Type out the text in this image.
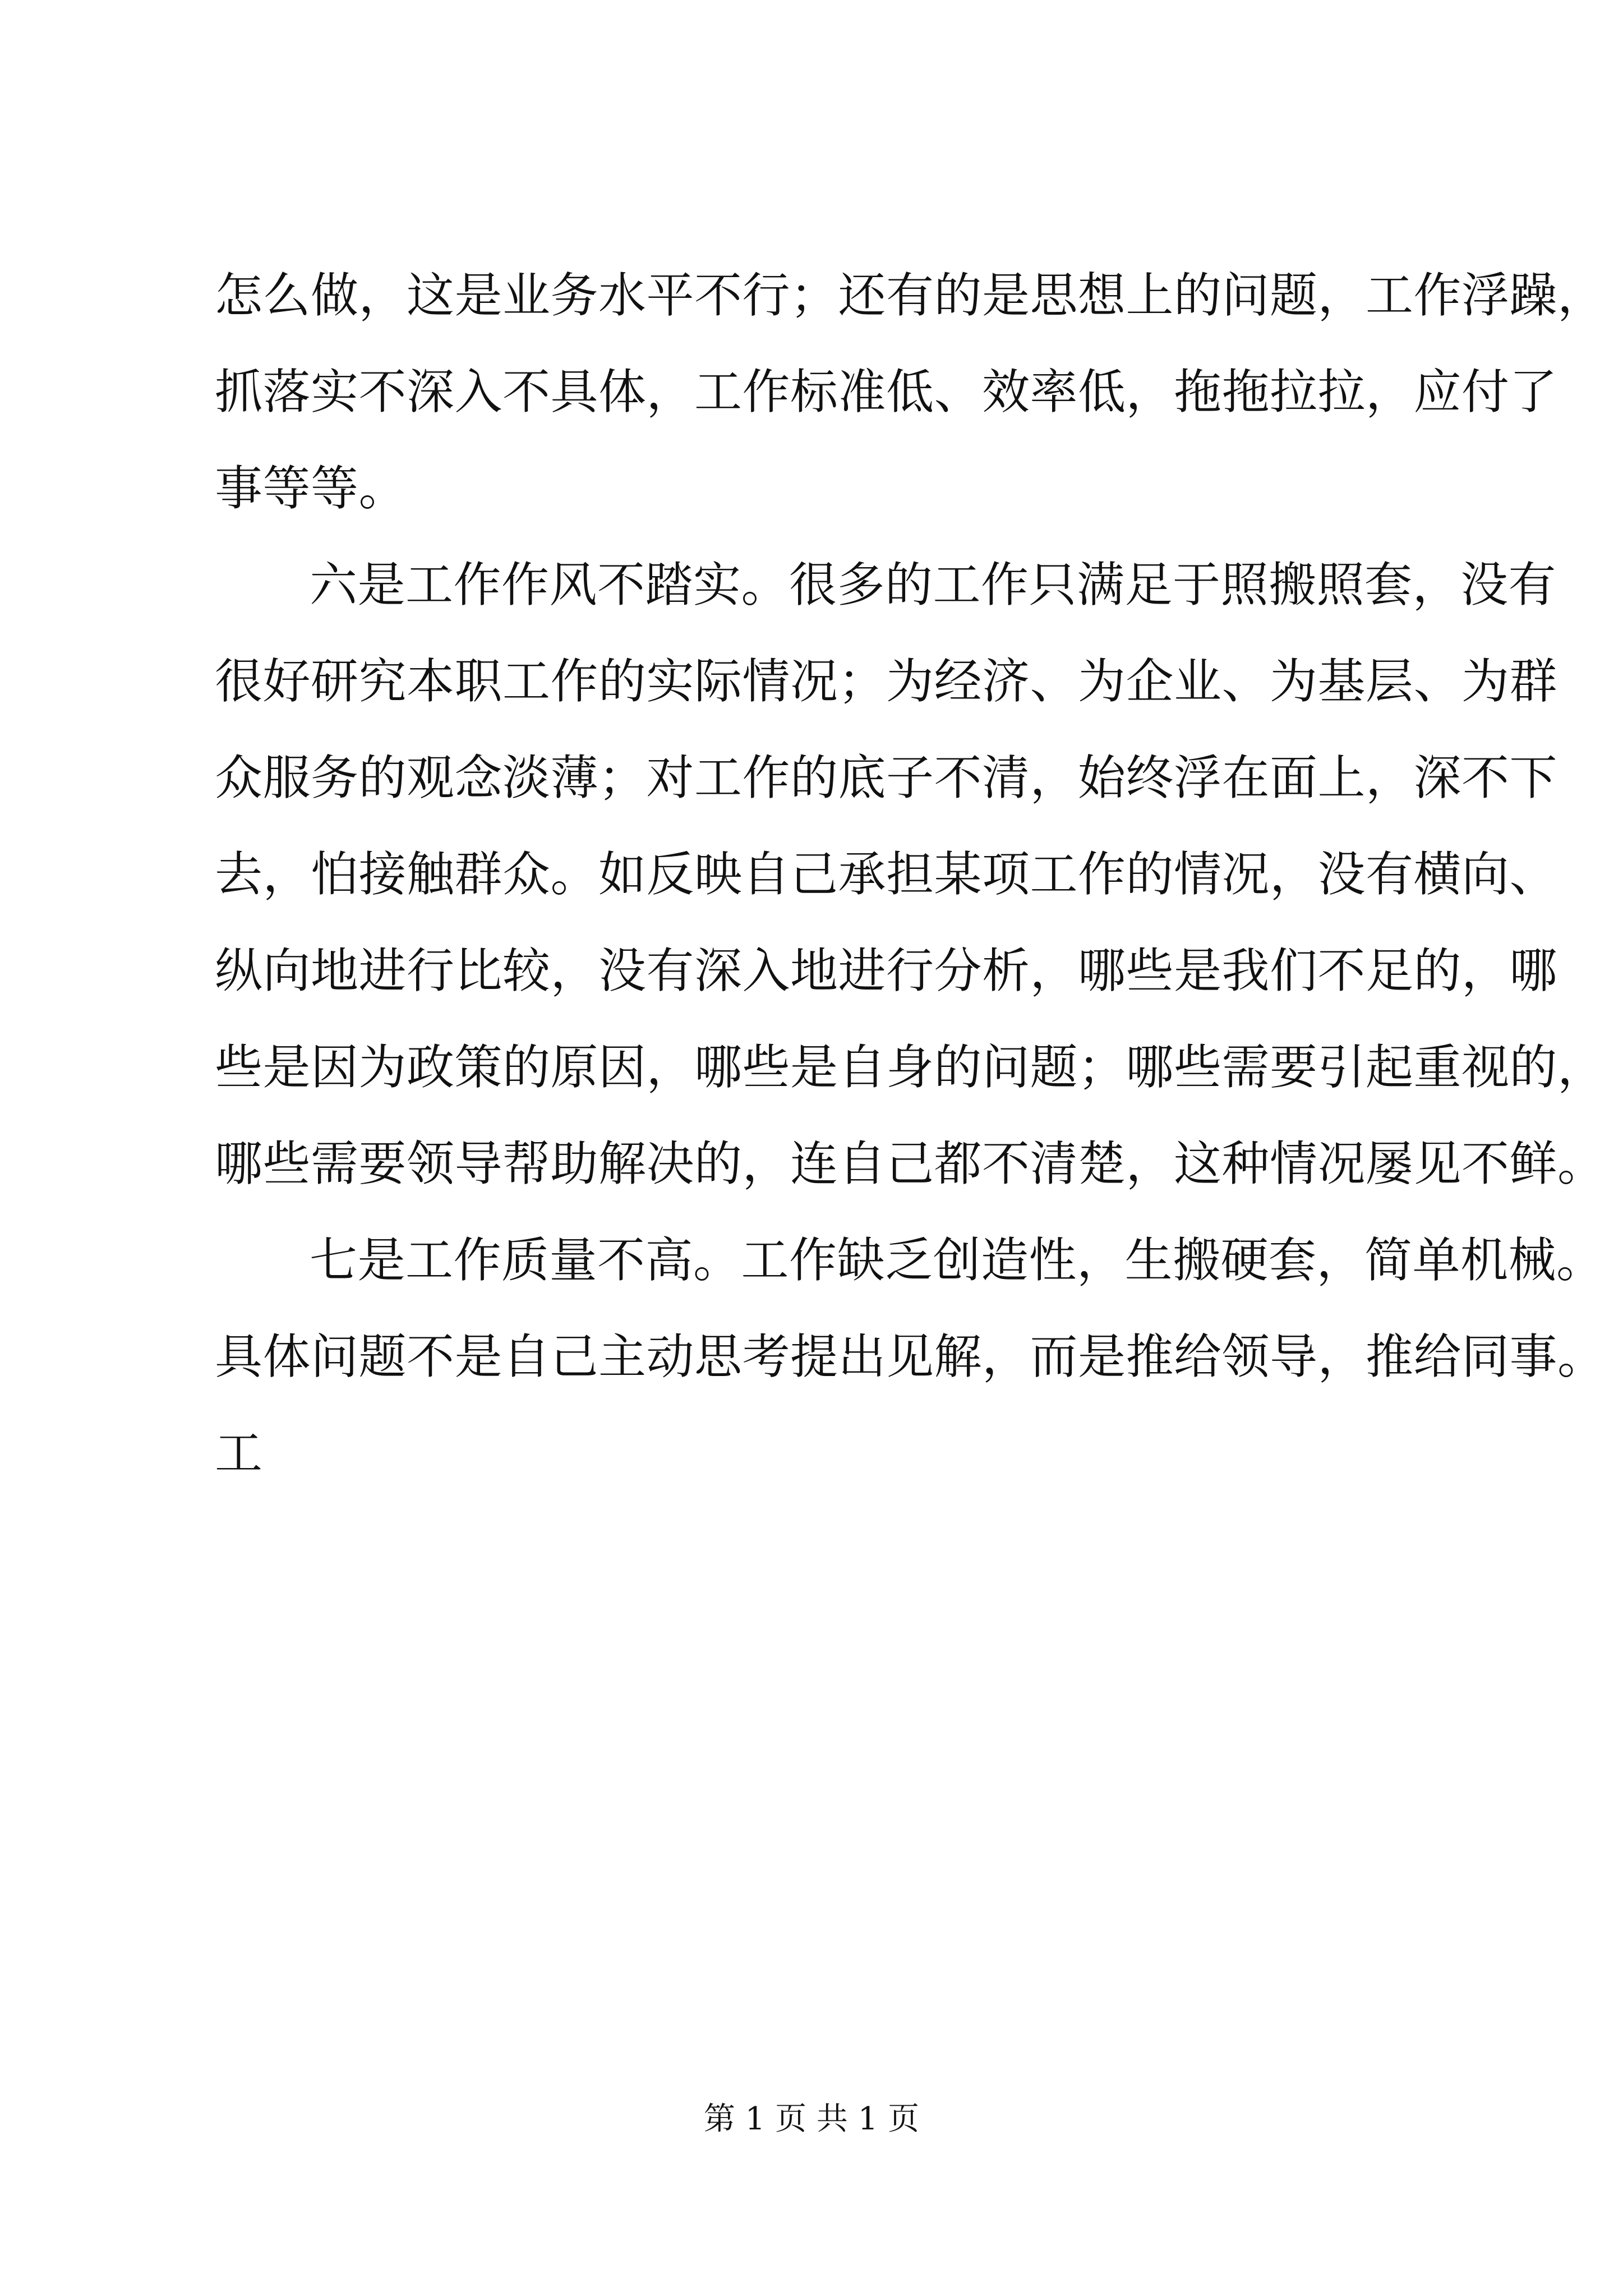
怎么做，这是业务水平不行；还有的是思想上的问题，工作浮躁，
抓落实不深入不具体，工作标准低、效率低，拖拖拉拉，应付了
事等等。
六是工作作风不踏实。很多的工作只满足于照搬照套，没有
很好研究本职工作的实际情况；为经济、为企业、为基层、为群
众服务的观念淡薄；对工作的底子不清，始终浮在面上，深不下
去，怕接触群众。如反映自己承担某项工作的情况，没有横向、
纵向地进行比较，没有深入地进行分析，哪些是我们不足的，哪
些是因为政策的原因，哪些是自身的问题；哪些需要引起重视的，
哪些需要领导帮助解决的，连自己都不清楚，这种情况屡见不鲜。
七是工作质量不高。工作缺乏创造性，生搬硬套，简单机械。
具体问题不是自己主动思考提出见解，而是推给领导，推给同事。
工
第 1 页 共 1 页
